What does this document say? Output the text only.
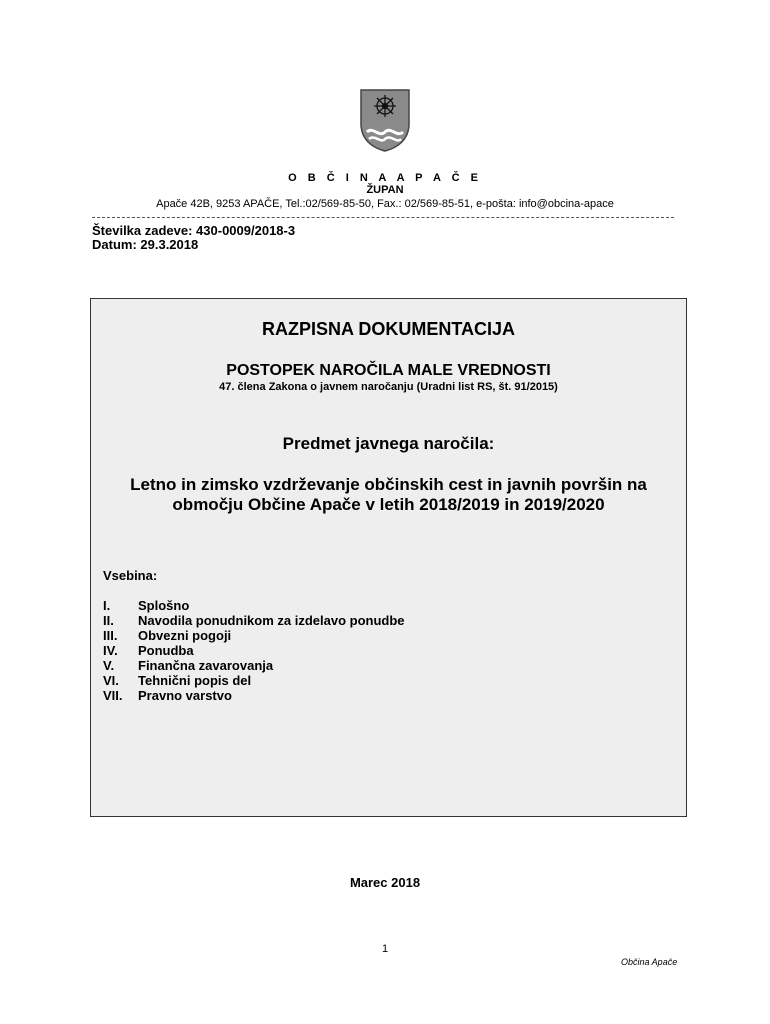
O B Č I N A A P A Č E
ŽUPAN
Apače 42B, 9253 APAČE, Tel.:02/569-85-50, Fax.: 02/569-85-51, e-pošta: info@obcina-apace
Številka zadeve: 430-0009/2018-3
Datum: 29.3.2018
RAZPISNA DOKUMENTACIJA
POSTOPEK NAROČILA MALE VREDNOSTI
47. člena Zakona o javnem naročanju (Uradni list RS, št. 91/2015)
Predmet javnega naročila:
Letno in zimsko vzdrževanje občinskih cest in javnih površin na območju Občine Apače v letih 2018/2019 in 2019/2020
Vsebina:
I.	Splošno
II.	Navodila ponudnikom za izdelavo ponudbe
III.	Obvezni pogoji
IV.	Ponudba
V.	Finančna zavarovanja
VI.	Tehnični popis del
VII.	Pravno varstvo
Marec 2018
1
Občina Apače
